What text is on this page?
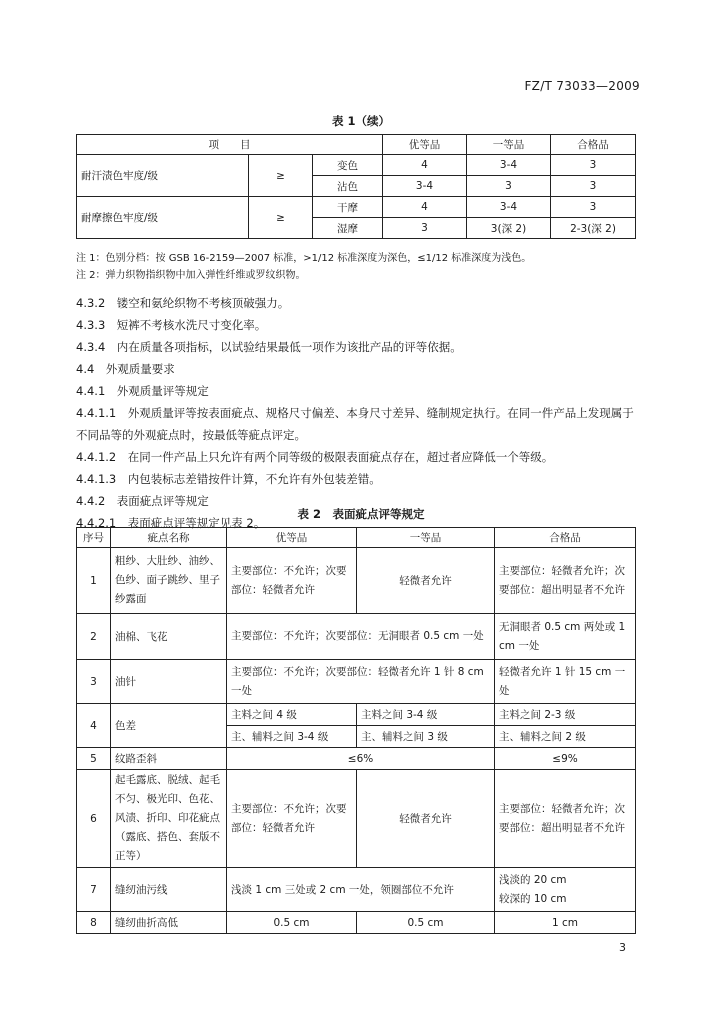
FZ/T 73033—2009
表 1（续）
项　　目			优等品	一等品	合格品
耐汗渍色牢度/级	≥	变色	4	3-4	3
		沾色	3-4	3	3
耐摩擦色牢度/级	≥	干摩	4	3-4	3
		湿摩	3	3(深 2)	2-3(深 2)
注 1：色别分档：按 GSB 16-2159—2007 标准，>1/12 标准深度为深色，≤1/12 标准深度为浅色。
注 2：弹力织物指织物中加入弹性纤维或罗纹织物。

4.3.2　镂空和氨纶织物不考核顶破强力。

4.3.3　短裤不考核水洗尺寸变化率。

4.3.4　内在质量各项指标，以试验结果最低一项作为该批产品的评等依据。

4.4　外观质量要求

4.4.1　外观质量评等规定

4.4.1.1　外观质量评等按表面疵点、规格尺寸偏差、本身尺寸差异、缝制规定执行。在同一件产品上发现属于不同品等的外观疵点时，按最低等疵点评定。

4.4.1.2　在同一件产品上只允许有两个同等级的极限表面疵点存在，超过者应降低一个等级。

4.4.1.3　内包装标志差错按件计算，不允许有外包装差错。

4.4.2　表面疵点评等规定

4.4.2.1　表面疵点评等规定见表 2。

表 2　表面疵点评等规定
序号	疵点名称	优等品	一等品	合格品
1	粗纱、大肚纱、油纱、色纱、面子跳纱、里子纱露面	主要部位：不允许；次要部位：轻微者允许	轻微者允许	主要部位：轻微者允许；次要部位：超出明显者不允许
2	油棉、飞花	主要部位：不允许；次要部位：无洞眼者 0.5 cm 一处		无洞眼者 0.5 cm 两处或 1 cm 一处
3	油针	主要部位：不允许；次要部位：轻微者允许 1 针 8 cm 一处		轻微者允许 1 针 15 cm 一处
4	色差	主料之间 4 级	主料之间 3-4 级	主料之间 2-3 级
		主、辅料之间 3-4 级	主、辅料之间 3 级	主、辅料之间 2 级
5	纹路歪斜	≤6%		≤9%
6	起毛露底、脱绒、起毛不匀、极光印、色花、风渍、折印、印花疵点（露底、搭色、套版不正等）	主要部位：不允许；次要部位：轻微者允许	轻微者允许	主要部位：轻微者允许；次要部位：超出明显者不允许
7	缝纫油污线	浅淡 1 cm 三处或 2 cm 一处，领圈部位不允许		浅淡的 20 cm
较深的 10 cm
8	缝纫曲折高低	0.5 cm	0.5 cm	1 cm
3
